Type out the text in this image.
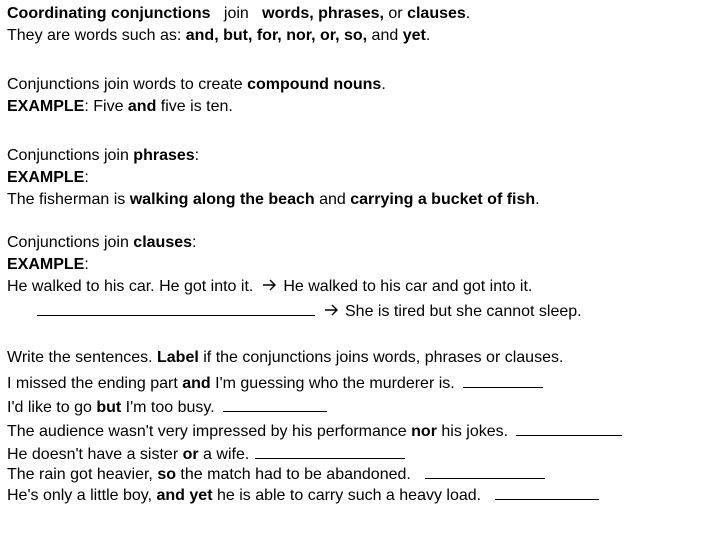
Coordinating conjunctions   join   words, phrases, or clauses.
They are words such as: and, but, for, nor, or, so, and yet.
Conjunctions join words to create compound nouns.
EXAMPLE: Five and five is ten.
Conjunctions join phrases:
EXAMPLE:
The fisherman is walking along the beach and carrying a bucket of fish.
Conjunctions join clauses:
EXAMPLE:
He walked to his car. He got into it. He walked to his car and got into it.
She is tired but she cannot sleep.
Write the sentences. Label if the conjunctions joins words, phrases or clauses.
I missed the ending part and I'm guessing who the murderer is.
I'd like to go but I'm too busy.
The audience wasn't very impressed by his performance nor his jokes.
He doesn't have a sister or a wife.
The rain got heavier, so the match had to be abandoned.
He's only a little boy, and yet he is able to carry such a heavy load.
